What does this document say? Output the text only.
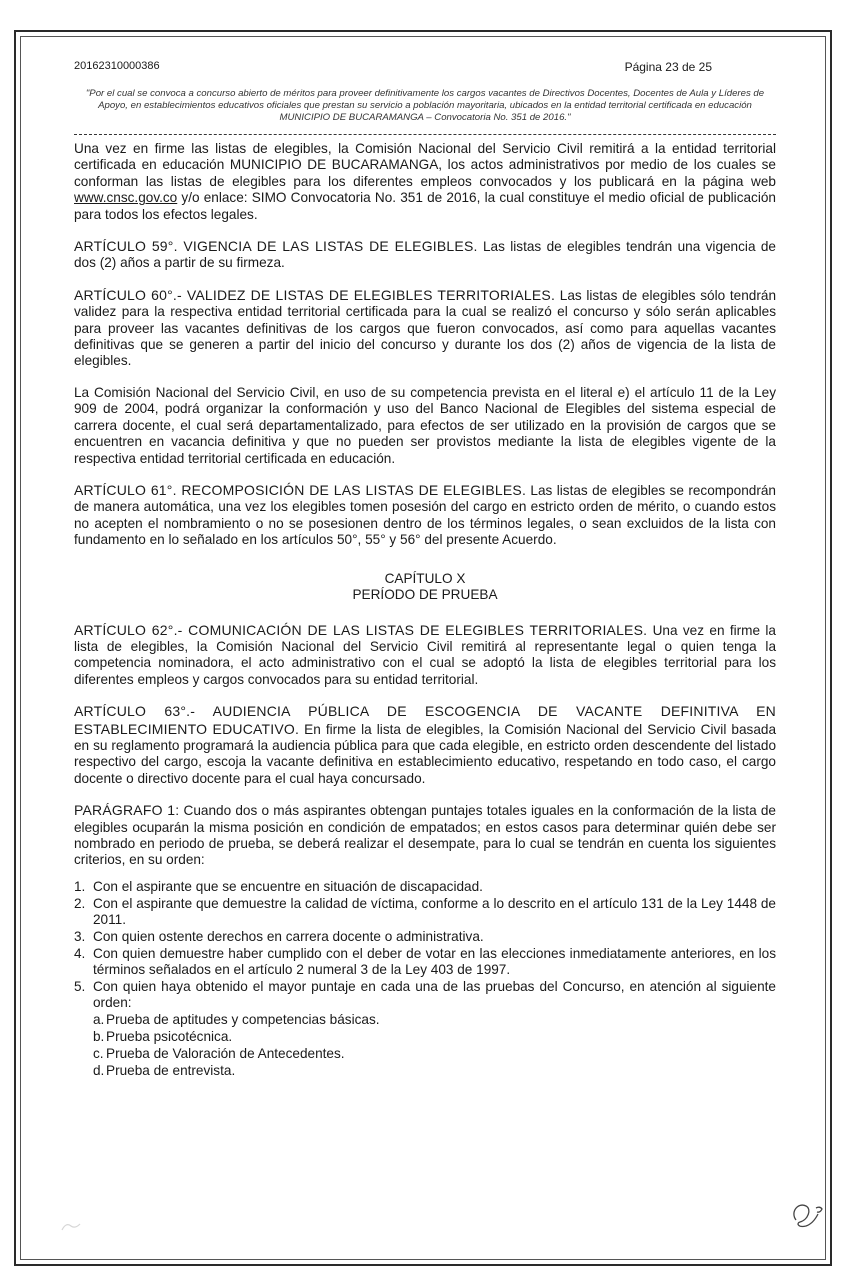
20162310000386	Página 23 de 25
"Por el cual se convoca a concurso abierto de méritos para proveer definitivamente los cargos vacantes de Directivos Docentes, Docentes de Aula y Líderes de Apoyo, en establecimientos educativos oficiales que prestan su servicio a población mayoritaria, ubicados en la entidad territorial certificada en educación MUNICIPIO DE BUCARAMANGA – Convocatoria No. 351 de 2016."

Una vez en firme las listas de elegibles, la Comisión Nacional del Servicio Civil remitirá a la entidad territorial certificada en educación MUNICIPIO DE BUCARAMANGA, los actos administrativos por medio de los cuales se conforman las listas de elegibles para los diferentes empleos convocados y los publicará en la página web www.cnsc.gov.co y/o enlace: SIMO Convocatoria No. 351 de 2016, la cual constituye el medio oficial de publicación para todos los efectos legales.

ARTÍCULO 59°. VIGENCIA DE LAS LISTAS DE ELEGIBLES. Las listas de elegibles tendrán una vigencia de dos (2) años a partir de su firmeza.

ARTÍCULO 60°.- VALIDEZ DE LISTAS DE ELEGIBLES TERRITORIALES. Las listas de elegibles sólo tendrán validez para la respectiva entidad territorial certificada para la cual se realizó el concurso y sólo serán aplicables para proveer las vacantes definitivas de los cargos que fueron convocados, así como para aquellas vacantes definitivas que se generen a partir del inicio del concurso y durante los dos (2) años de vigencia de la lista de elegibles.

La Comisión Nacional del Servicio Civil, en uso de su competencia prevista en el literal e) el artículo 11 de la Ley 909 de 2004, podrá organizar la conformación y uso del Banco Nacional de Elegibles del sistema especial de carrera docente, el cual será departamentalizado, para efectos de ser utilizado en la provisión de cargos que se encuentren en vacancia definitiva y que no pueden ser provistos mediante la lista de elegibles vigente de la respectiva entidad territorial certificada en educación.

ARTÍCULO 61°. RECOMPOSICIÓN DE LAS LISTAS DE ELEGIBLES. Las listas de elegibles se recompondrán de manera automática, una vez los elegibles tomen posesión del cargo en estricto orden de mérito, o cuando estos no acepten el nombramiento o no se posesionen dentro de los términos legales, o sean excluidos de la lista con fundamento en lo señalado en los artículos 50°, 55° y 56° del presente Acuerdo.

CAPÍTULO X
PERÍODO DE PRUEBA

ARTÍCULO 62°.- COMUNICACIÓN DE LAS LISTAS DE ELEGIBLES TERRITORIALES. Una vez en firme la lista de elegibles, la Comisión Nacional del Servicio Civil remitirá al representante legal o quien tenga la competencia nominadora, el acto administrativo con el cual se adoptó la lista de elegibles territorial para los diferentes empleos y cargos convocados para su entidad territorial.

ARTÍCULO 63°.- AUDIENCIA PÚBLICA DE ESCOGENCIA DE VACANTE DEFINITIVA EN ESTABLECIMIENTO EDUCATIVO. En firme la lista de elegibles, la Comisión Nacional del Servicio Civil basada en su reglamento programará la audiencia pública para que cada elegible, en estricto orden descendente del listado respectivo del cargo, escoja la vacante definitiva en establecimiento educativo, respetando en todo caso, el cargo docente o directivo docente para el cual haya concursado.

PARÁGRAFO 1: Cuando dos o más aspirantes obtengan puntajes totales iguales en la conformación de la lista de elegibles ocuparán la misma posición en condición de empatados; en estos casos para determinar quién debe ser nombrado en periodo de prueba, se deberá realizar el desempate, para lo cual se tendrán en cuenta los siguientes criterios, en su orden:

1. Con el aspirante que se encuentre en situación de discapacidad.
2. Con el aspirante que demuestre la calidad de víctima, conforme a lo descrito en el artículo 131 de la Ley 1448 de 2011.
3. Con quien ostente derechos en carrera docente o administrativa.
4. Con quien demuestre haber cumplido con el deber de votar en las elecciones inmediatamente anteriores, en los términos señalados en el artículo 2 numeral 3 de la Ley 403 de 1997.
5. Con quien haya obtenido el mayor puntaje en cada una de las pruebas del Concurso, en atención al siguiente orden:
a. Prueba de aptitudes y competencias básicas.
b. Prueba psicotécnica.
c. Prueba de Valoración de Antecedentes.
d. Prueba de entrevista.
